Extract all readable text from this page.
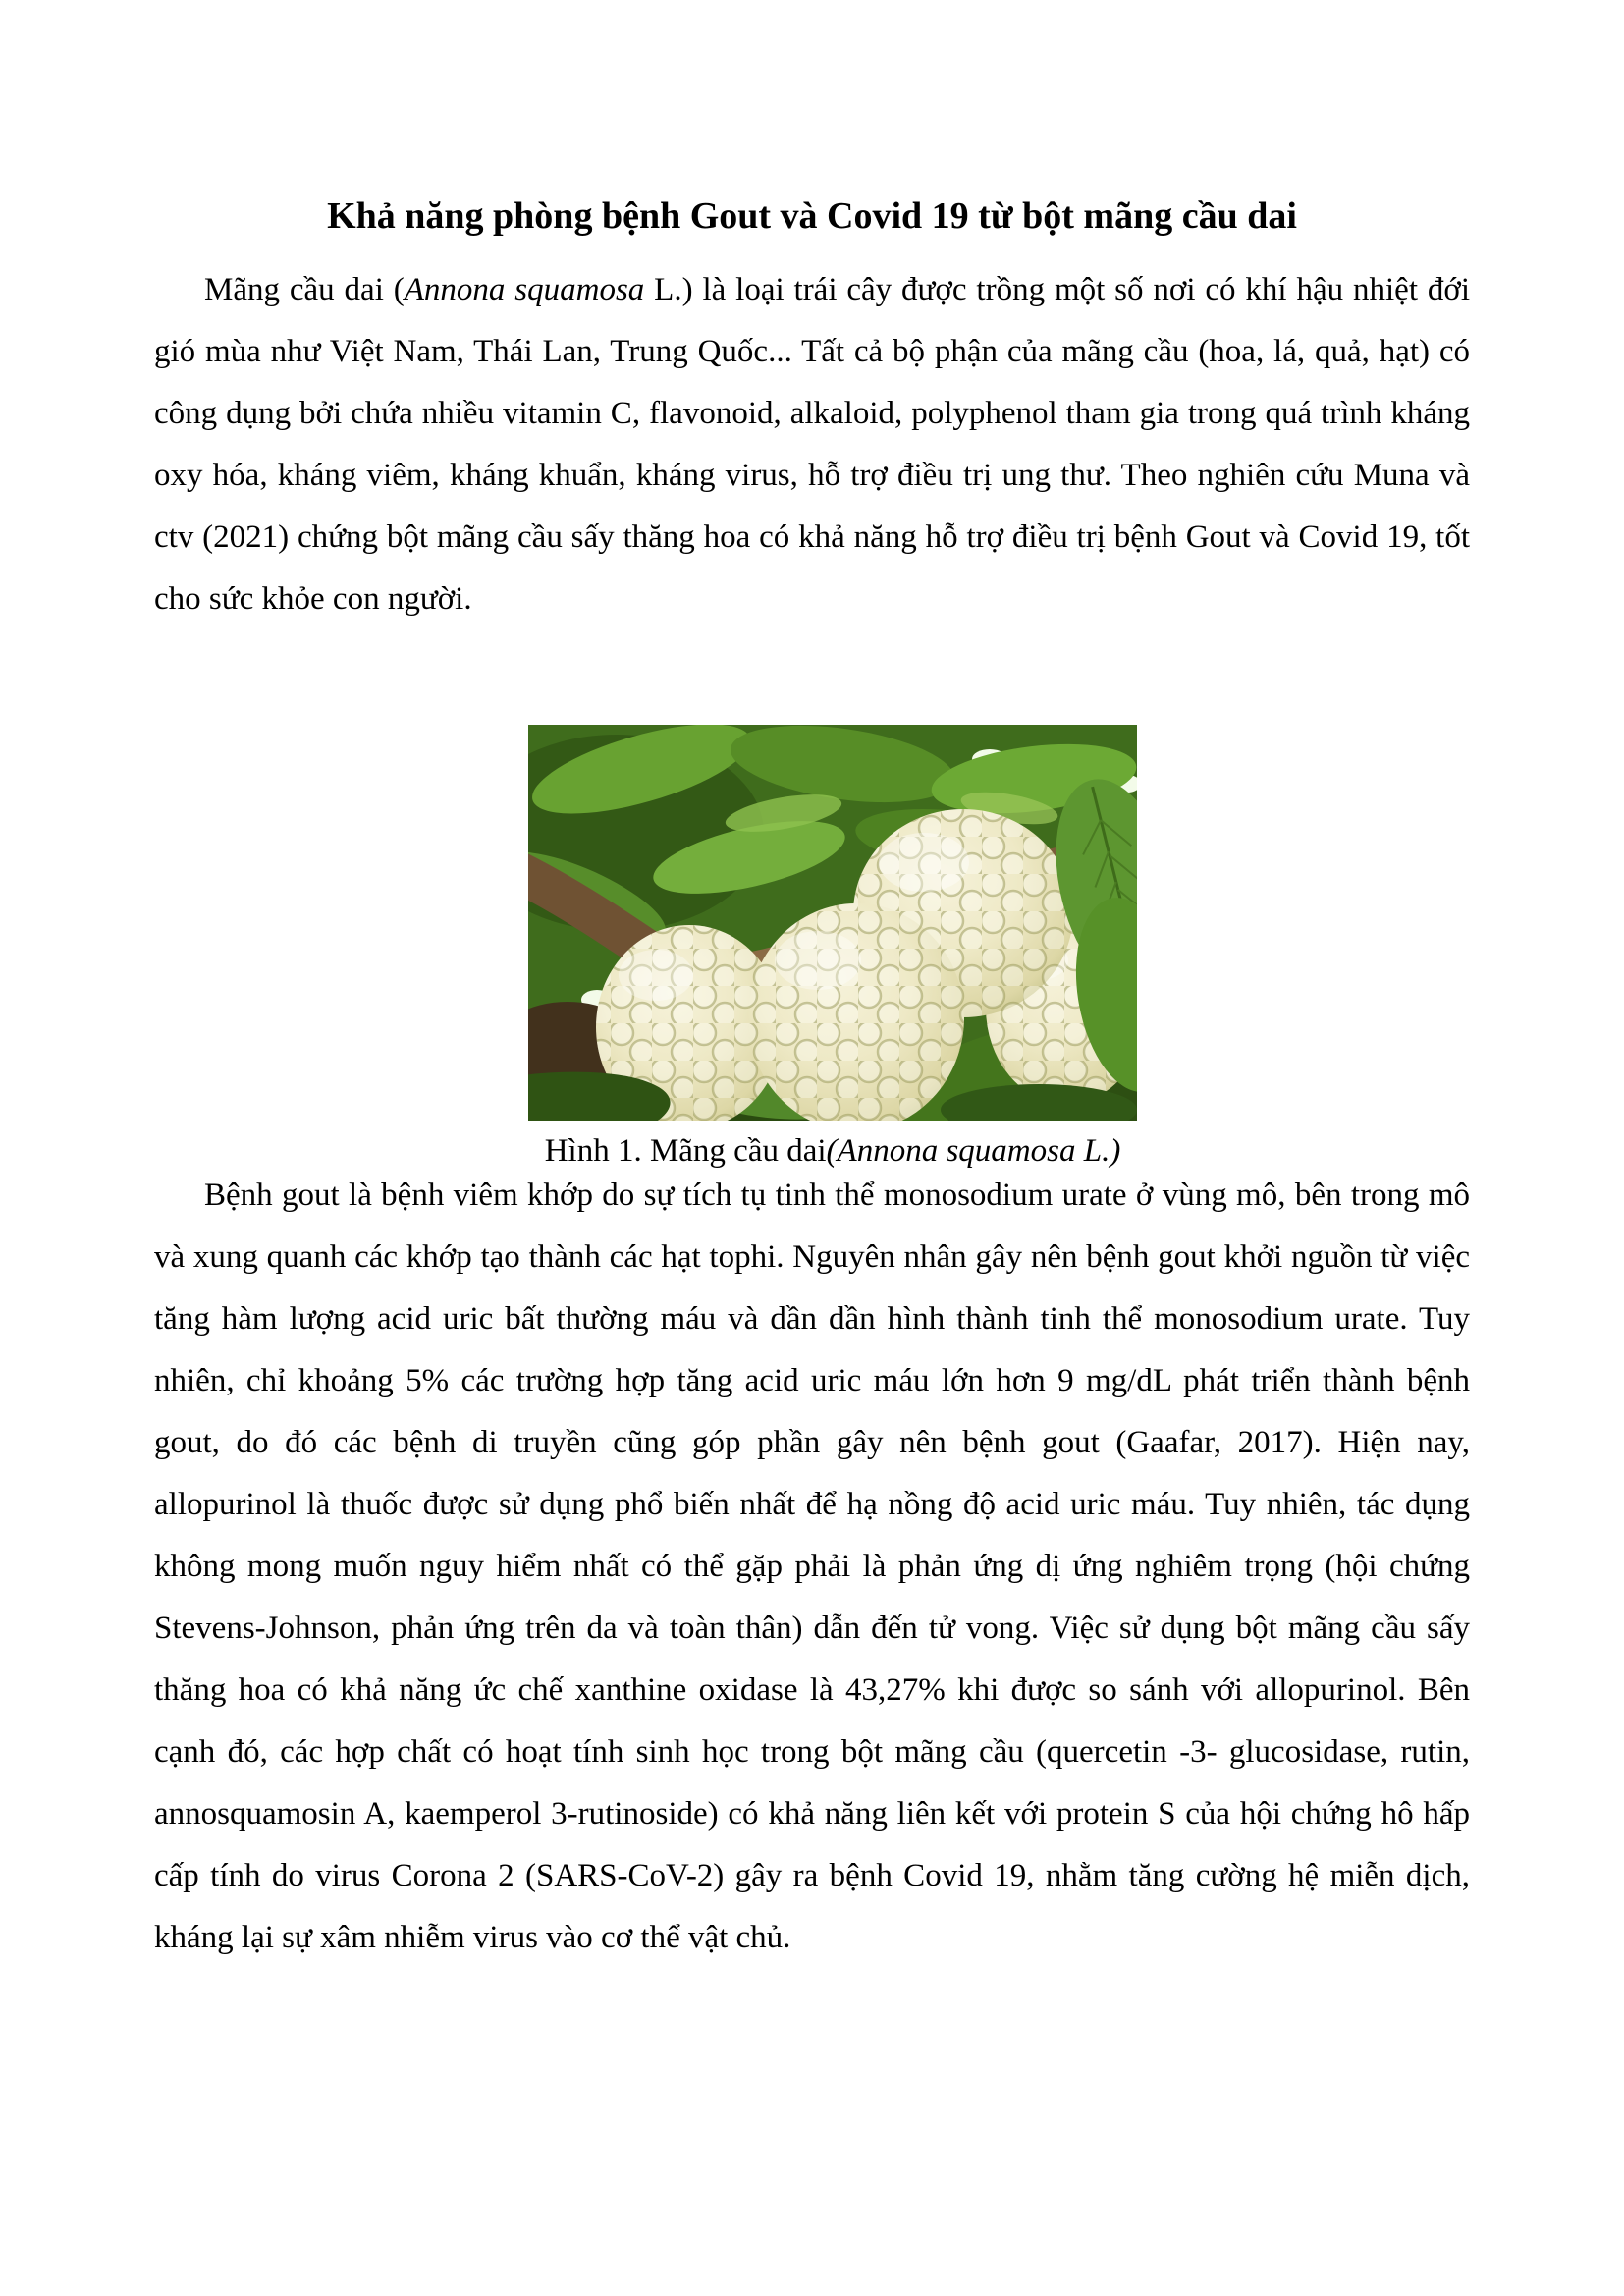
Khả năng phòng bệnh Gout và Covid 19 từ bột mãng cầu dai

Mãng cầu dai (Annona squamosa L.) là loại trái cây được trồng một số nơi có khí hậu nhiệt đới gió mùa như Việt Nam, Thái Lan, Trung Quốc... Tất cả bộ phận của mãng cầu (hoa, lá, quả, hạt) có công dụng bởi chứa nhiều vitamin C, flavonoid, alkaloid, polyphenol tham gia trong quá trình kháng oxy hóa, kháng viêm, kháng khuẩn, kháng virus, hỗ trợ điều trị ung thư. Theo nghiên cứu Muna và ctv (2021) chứng bột mãng cầu sấy thăng hoa có khả năng hỗ trợ điều trị bệnh Gout và Covid 19, tốt cho sức khỏe con người.

Hình 1. Mãng cầu dai (Annona squamosa L.)

Bệnh gout là bệnh viêm khớp do sự tích tụ tinh thể monosodium urate ở vùng mô, bên trong mô và xung quanh các khớp tạo thành các hạt tophi. Nguyên nhân gây nên bệnh gout khởi nguồn từ việc tăng hàm lượng acid uric bất thường máu và dần dần hình thành tinh thể monosodium urate. Tuy nhiên, chỉ khoảng 5% các trường hợp tăng acid uric máu lớn hơn 9 mg/dL phát triển thành bệnh gout, do đó các bệnh di truyền cũng góp phần gây nên bệnh gout (Gaafar, 2017). Hiện nay, allopurinol là thuốc được sử dụng phổ biến nhất để hạ nồng độ acid uric máu. Tuy nhiên, tác dụng không mong muốn nguy hiểm nhất có thể gặp phải là phản ứng dị ứng nghiêm trọng (hội chứng Stevens-Johnson, phản ứng trên da và toàn thân) dẫn đến tử vong. Việc sử dụng bột mãng cầu sấy thăng hoa có khả năng ức chế xanthine oxidase là 43,27% khi được so sánh với allopurinol. Bên cạnh đó, các hợp chất có hoạt tính sinh học trong bột mãng cầu (quercetin -3- glucosidase, rutin, annosquamosin A, kaemperol 3-rutinoside) có khả năng liên kết với protein S của hội chứng hô hấp cấp tính do virus Corona 2 (SARS-CoV-2) gây ra bệnh Covid 19, nhằm tăng cường hệ miễn dịch, kháng lại sự xâm nhiễm virus vào cơ thể vật chủ.
